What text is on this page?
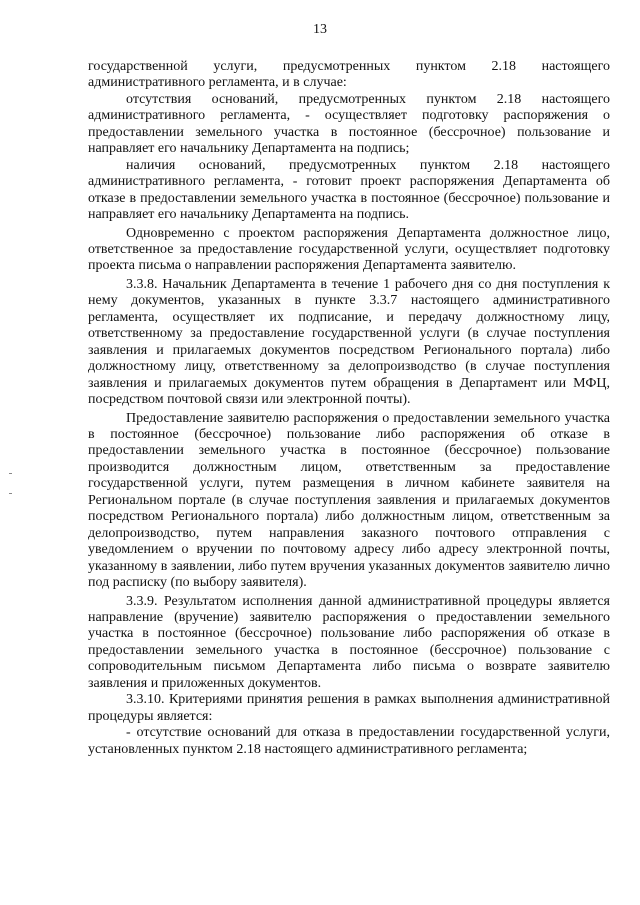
13

государственной услуги, предусмотренных пунктом 2.18 настоящего административного регламента, и в случае:

отсутствия оснований, предусмотренных пунктом 2.18 настоящего административного регламента, - осуществляет подготовку распоряжения о предоставлении земельного участка в постоянное (бессрочное) пользование и направляет его начальнику Департамента на подпись;

наличия оснований, предусмотренных пунктом 2.18 настоящего административного регламента, - готовит проект распоряжения Департамента об отказе в предоставлении земельного участка в постоянное (бессрочное) пользование и направляет его начальнику Департамента на подпись.

Одновременно с проектом распоряжения Департамента должностное лицо, ответственное за предоставление государственной услуги, осуществляет подготовку проекта письма о направлении распоряжения Департамента заявителю.

3.3.8. Начальник Департамента в течение 1 рабочего дня со дня поступления к нему документов, указанных в пункте 3.3.7 настоящего административного регламента, осуществляет их подписание, и передачу должностному лицу, ответственному за предоставление государственной услуги (в случае поступления заявления и прилагаемых документов посредством Регионального портала) либо должностному лицу, ответственному за делопроизводство (в случае поступления заявления и прилагаемых документов путем обращения в Департамент или МФЦ, посредством почтовой связи или электронной почты).

Предоставление заявителю распоряжения о предоставлении земельного участка в постоянное (бессрочное) пользование либо распоряжения об отказе в предоставлении земельного участка в постоянное (бессрочное) пользование производится должностным лицом, ответственным за предоставление государственной услуги, путем размещения в личном кабинете заявителя на Региональном портале (в случае поступления заявления и прилагаемых документов посредством Регионального портала) либо должностным лицом, ответственным за делопроизводство, путем направления заказного почтового отправления с уведомлением о вручении по почтовому адресу либо адресу электронной почты, указанному в заявлении, либо путем вручения указанных документов заявителю лично под расписку (по выбору заявителя).

3.3.9. Результатом исполнения данной административной процедуры является направление (вручение) заявителю распоряжения о предоставлении земельного участка в постоянное (бессрочное) пользование либо распоряжения об отказе в предоставлении земельного участка в постоянное (бессрочное) пользование с сопроводительным письмом Департамента либо письма о возврате заявителю заявления и приложенных документов.

3.3.10. Критериями принятия решения в рамках выполнения административной процедуры является:

- отсутствие оснований для отказа в предоставлении государственной услуги, установленных пунктом 2.18 настоящего административного регламента;
